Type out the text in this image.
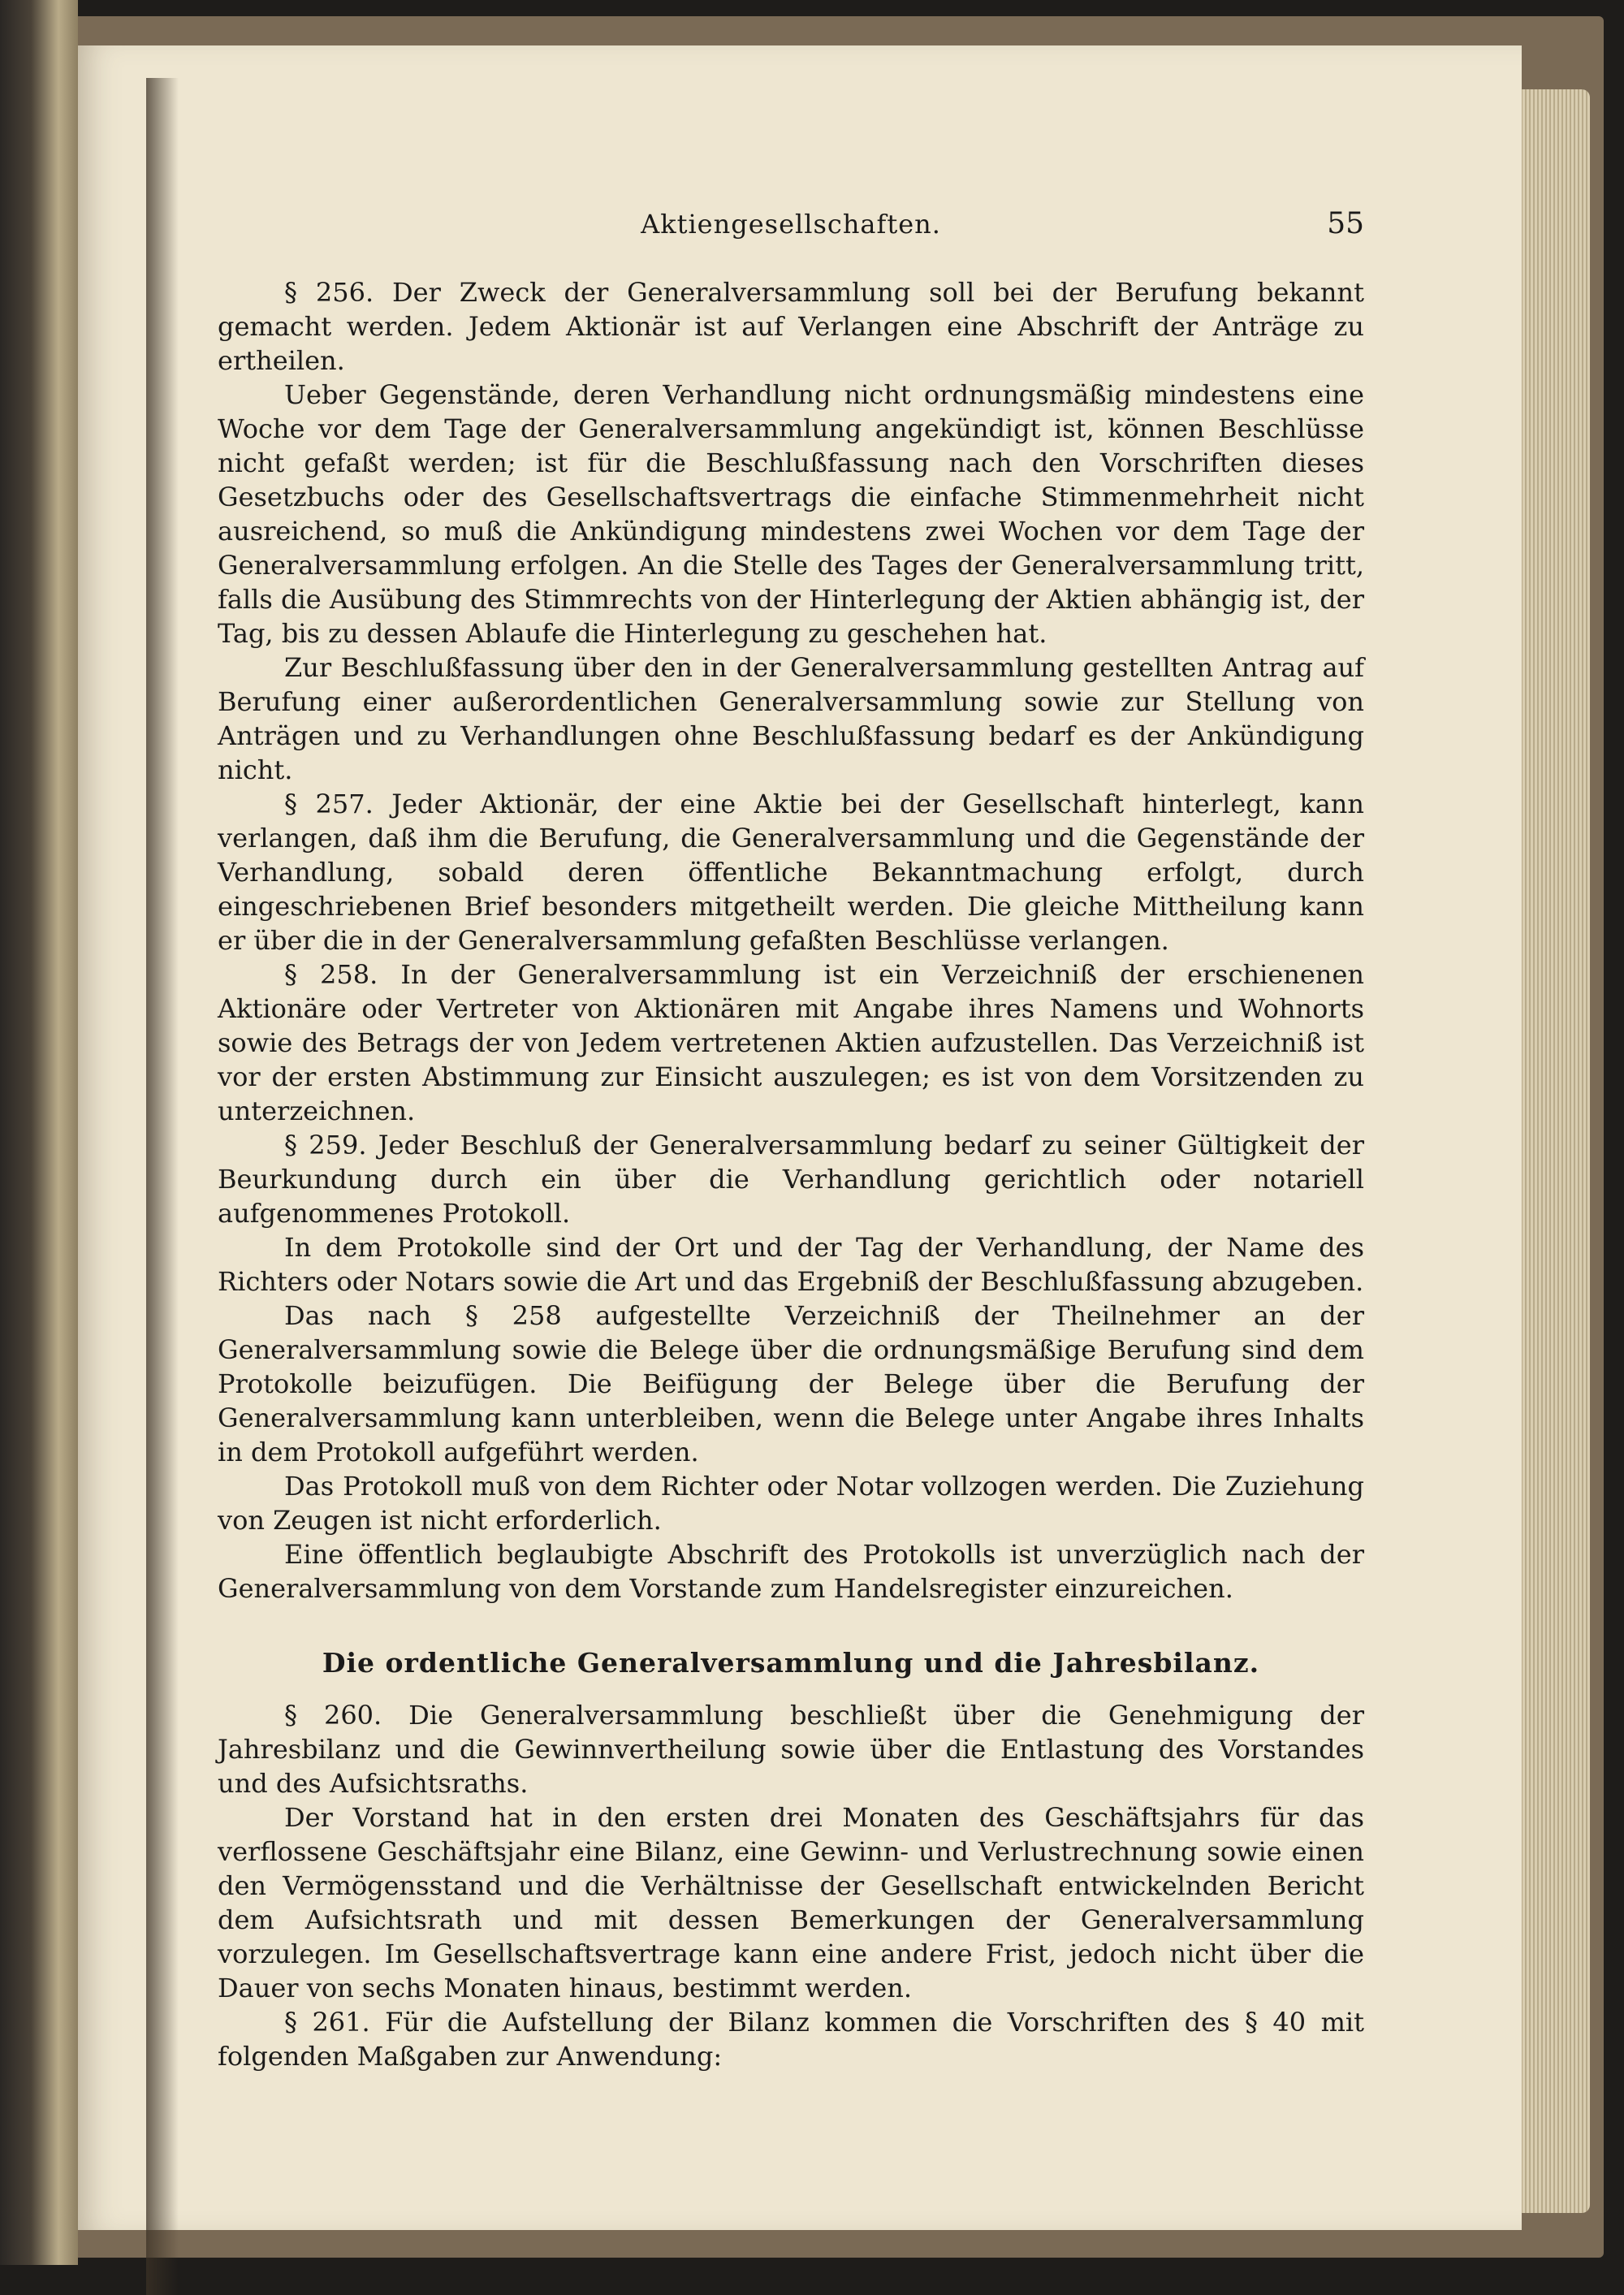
Aktiengesellschaften.	55

§ 256. Der Zweck der Generalversammlung soll bei der Berufung bekannt gemacht werden. Jedem Aktionär ist auf Verlangen eine Abschrift der Anträge zu ertheilen.

Ueber Gegenstände, deren Verhandlung nicht ordnungsmäßig mindestens eine Woche vor dem Tage der Generalversammlung angekündigt ist, können Beschlüsse nicht gefaßt werden; ist für die Beschlußfassung nach den Vorschriften dieses Gesetzbuchs oder des Gesellschaftsvertrags die einfache Stimmenmehrheit nicht ausreichend, so muß die Ankündigung mindestens zwei Wochen vor dem Tage der Generalversammlung erfolgen. An die Stelle des Tages der Generalversammlung tritt, falls die Ausübung des Stimmrechts von der Hinterlegung der Aktien abhängig ist, der Tag, bis zu dessen Ablaufe die Hinterlegung zu geschehen hat.

Zur Beschlußfassung über den in der Generalversammlung gestellten Antrag auf Berufung einer außerordentlichen Generalversammlung sowie zur Stellung von Anträgen und zu Verhandlungen ohne Beschlußfassung bedarf es der Ankündigung nicht.

§ 257. Jeder Aktionär, der eine Aktie bei der Gesellschaft hinterlegt, kann verlangen, daß ihm die Berufung, die Generalversammlung und die Gegenstände der Verhandlung, sobald deren öffentliche Bekanntmachung erfolgt, durch eingeschriebenen Brief besonders mitgetheilt werden. Die gleiche Mittheilung kann er über die in der Generalversammlung gefaßten Beschlüsse verlangen.

§ 258. In der Generalversammlung ist ein Verzeichniß der erschienenen Aktionäre oder Vertreter von Aktionären mit Angabe ihres Namens und Wohnorts sowie des Betrags der von Jedem vertretenen Aktien aufzustellen. Das Verzeichniß ist vor der ersten Abstimmung zur Einsicht auszulegen; es ist von dem Vorsitzenden zu unterzeichnen.

§ 259. Jeder Beschluß der Generalversammlung bedarf zu seiner Gültigkeit der Beurkundung durch ein über die Verhandlung gerichtlich oder notariell aufgenommenes Protokoll.

In dem Protokolle sind der Ort und der Tag der Verhandlung, der Name des Richters oder Notars sowie die Art und das Ergebniß der Beschlußfassung abzugeben.

Das nach § 258 aufgestellte Verzeichniß der Theilnehmer an der Generalversammlung sowie die Belege über die ordnungsmäßige Berufung sind dem Protokolle beizufügen. Die Beifügung der Belege über die Berufung der Generalversammlung kann unterbleiben, wenn die Belege unter Angabe ihres Inhalts in dem Protokoll aufgeführt werden.

Das Protokoll muß von dem Richter oder Notar vollzogen werden. Die Zuziehung von Zeugen ist nicht erforderlich.

Eine öffentlich beglaubigte Abschrift des Protokolls ist unverzüglich nach der Generalversammlung von dem Vorstande zum Handelsregister einzureichen.

Die ordentliche Generalversammlung und die Jahresbilanz.

§ 260. Die Generalversammlung beschließt über die Genehmigung der Jahresbilanz und die Gewinnvertheilung sowie über die Entlastung des Vorstandes und des Aufsichtsraths.

Der Vorstand hat in den ersten drei Monaten des Geschäftsjahrs für das verflossene Geschäftsjahr eine Bilanz, eine Gewinn- und Verlustrechnung sowie einen den Vermögensstand und die Verhältnisse der Gesellschaft entwickelnden Bericht dem Aufsichtsrath und mit dessen Bemerkungen der Generalversammlung vorzulegen. Im Gesellschaftsvertrage kann eine andere Frist, jedoch nicht über die Dauer von sechs Monaten hinaus, bestimmt werden.

§ 261. Für die Aufstellung der Bilanz kommen die Vorschriften des § 40 mit folgenden Maßgaben zur Anwendung:
